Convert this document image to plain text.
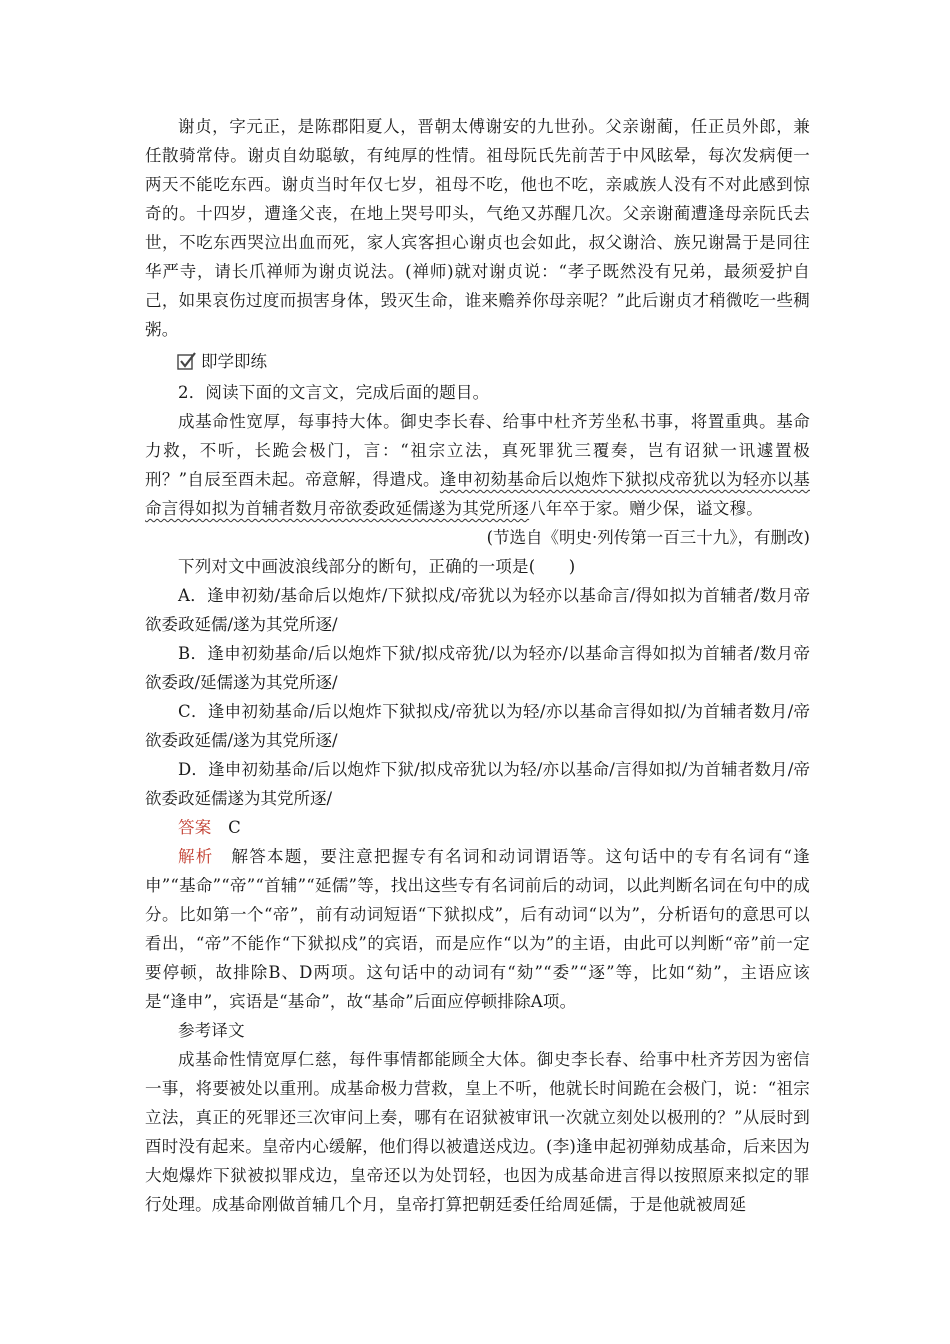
谢贞，字元正，是陈郡阳夏人，晋朝太傅谢安的九世孙。父亲谢蔺，任正员外郎，兼任散骑常侍。谢贞自幼聪敏，有纯厚的性情。祖母阮氏先前苦于中风眩晕，每次发病便一两天不能吃东西。谢贞当时年仅七岁，祖母不吃，他也不吃，亲戚族人没有不对此感到惊奇的。十四岁，遭逢父丧，在地上哭号叩头，气绝又苏醒几次。父亲谢蔺遭逢母亲阮氏去世，不吃东西哭泣出血而死，家人宾客担心谢贞也会如此，叔父谢洽、族兄谢暠于是同往华严寺，请长爪禅师为谢贞说法。(禅师)就对谢贞说：“孝子既然没有兄弟，最须爱护自己，如果哀伤过度而损害身体，毁灭生命，谁来赡养你母亲呢？”此后谢贞才稍微吃一些稠粥。

即学即练

2．阅读下面的文言文，完成后面的题目。

成基命性宽厚，每事持大体。御史李长春、给事中杜齐芳坐私书事，将置重典。基命力救，不听，长跪会极门，言：“祖宗立法，真死罪犹三覆奏，岂有诏狱一讯遽置极刑？”自辰至酉未起。帝意解，得遣戍。逢申初劾基命后以炮炸下狱拟戍帝犹以为轻亦以基命言得如拟为首辅者数月帝欲委政延儒遂为其党所逐八年卒于家。赠少保，谥文穆。

(节选自《明史·列传第一百三十九》，有删改)

下列对文中画波浪线部分的断句，正确的一项是(　　)

A．逢申初劾/基命后以炮炸/下狱拟戍/帝犹以为轻亦以基命言/得如拟为首辅者/数月帝欲委政延儒/遂为其党所逐/

B．逢申初劾基命/后以炮炸下狱/拟戍帝犹/以为轻亦/以基命言得如拟为首辅者/数月帝欲委政/延儒遂为其党所逐/

C．逢申初劾基命/后以炮炸下狱拟戍/帝犹以为轻/亦以基命言得如拟/为首辅者数月/帝欲委政延儒/遂为其党所逐/

D．逢申初劾基命/后以炮炸下狱/拟戍帝犹以为轻/亦以基命/言得如拟/为首辅者数月/帝欲委政延儒遂为其党所逐/

答案　 C

解析　 解答本题，要注意把握专有名词和动词谓语等。这句话中的专有名词有“逢申”“基命”“帝”“首辅”“延儒”等，找出这些专有名词前后的动词，以此判断名词在句中的成分。比如第一个“帝”，前有动词短语“下狱拟戍”，后有动词“以为”，分析语句的意思可以看出，“帝”不能作“下狱拟戍”的宾语，而是应作“以为”的主语，由此可以判断“帝”前一定要停顿，故排除B、D两项。这句话中的动词有“劾”“委”“逐”等，比如“劾”，主语应该是“逢申”，宾语是“基命”，故“基命”后面应停顿排除A项。

参考译文

成基命性情宽厚仁慈，每件事情都能顾全大体。御史李长春、给事中杜齐芳因为密信一事，将要被处以重刑。成基命极力营救，皇上不听，他就长时间跪在会极门，说：“祖宗立法，真正的死罪还三次审问上奏，哪有在诏狱被审讯一次就立刻处以极刑的？”从辰时到酉时没有起来。皇帝内心缓解，他们得以被遣送戍边。(李)逢申起初弹劾成基命，后来因为大炮爆炸下狱被拟罪戍边，皇帝还以为处罚轻，也因为成基命进言得以按照原来拟定的罪行处理。成基命刚做首辅几个月，皇帝打算把朝廷委任给周延儒，于是他就被周延
